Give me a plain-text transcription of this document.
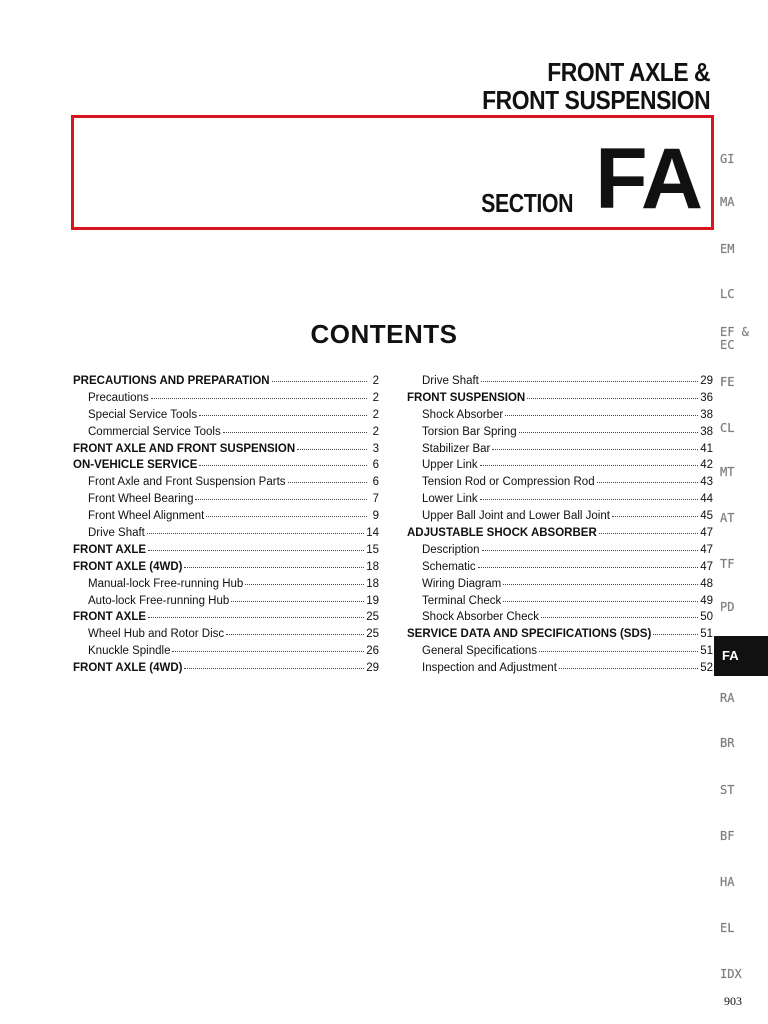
FRONT AXLE &
FRONT SUSPENSION
SECTION FA
CONTENTS
PRECAUTIONS AND PREPARATION	2
Precautions	2
Special Service Tools	2
Commercial Service Tools	2
FRONT AXLE AND FRONT SUSPENSION	3
ON-VEHICLE SERVICE	6
Front Axle and Front Suspension Parts	6
Front Wheel Bearing	7
Front Wheel Alignment	9
Drive Shaft	14
FRONT AXLE	15
FRONT AXLE (4WD)	18
Manual-lock Free-running Hub	18
Auto-lock Free-running Hub	19
FRONT AXLE	25
Wheel Hub and Rotor Disc	25
Knuckle Spindle	26
FRONT AXLE (4WD)	29
Drive Shaft	29
FRONT SUSPENSION	36
Shock Absorber	38
Torsion Bar Spring	38
Stabilizer Bar	41
Upper Link	42
Tension Rod or Compression Rod	43
Lower Link	44
Upper Ball Joint and Lower Ball Joint	45
ADJUSTABLE SHOCK ABSORBER	47
Description	47
Schematic	47
Wiring Diagram	48
Terminal Check	49
Shock Absorber Check	50
SERVICE DATA AND SPECIFICATIONS (SDS)	51
General Specifications	51
Inspection and Adjustment	52
GI
MA
EM
LC
EF &
EC
FE
CL
MT
AT
TF
PD
FA
RA
BR
ST
BF
HA
EL
IDX
903
